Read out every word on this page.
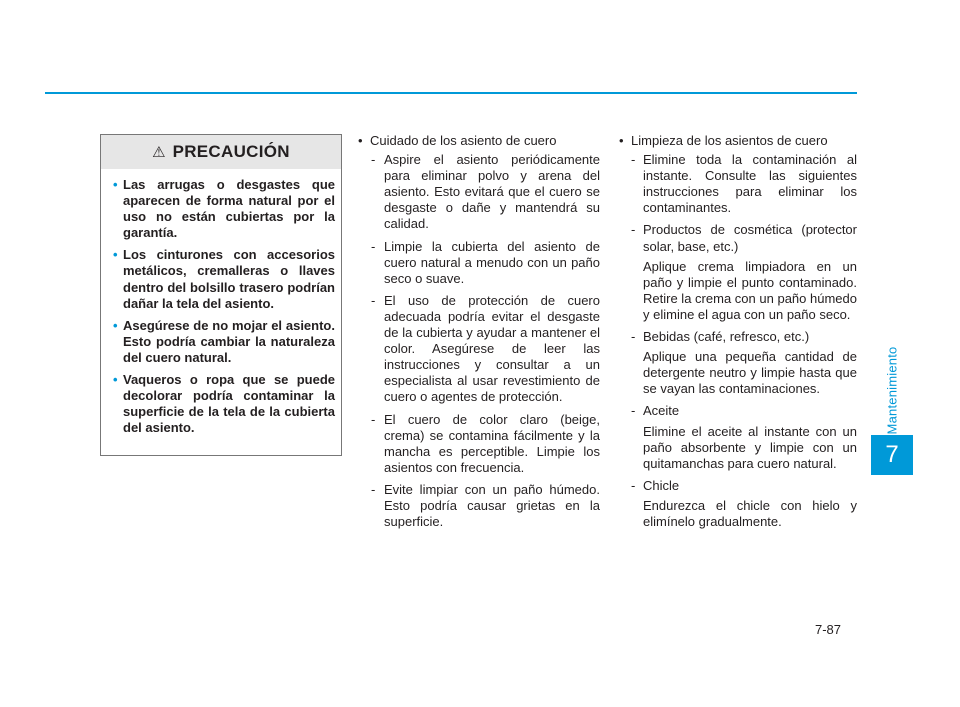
Mantenimiento
7
⚠ PRECAUCIÓN
• Las arrugas o desgastes que aparecen de forma natural por el uso no están cubiertas por la garantía.
• Los cinturones con accesorios metálicos, cremalleras o llaves dentro del bolsillo trasero podrían dañar la tela del asiento.
• Asegúrese de no mojar el asiento. Esto podría cambiar la naturaleza del cuero natural.
• Vaqueros o ropa que se puede decolorar podría contaminar la superficie de la tela de la cubierta del asiento.
• Cuidado de los asiento de cuero
- Aspire el asiento periódicamente para eliminar polvo y arena del asiento. Esto evitará que el cuero se desgaste o dañe y mantendrá su calidad.
- Limpie la cubierta del asiento de cuero natural a menudo con un paño seco o suave.
- El uso de protección de cuero adecuada podría evitar el desgaste de la cubierta y ayudar a mantener el color. Asegúrese de leer las instrucciones y consultar a un especialista al usar revestimiento de cuero o agentes de protección.
- El cuero de color claro (beige, crema) se contamina fácilmente y la mancha es perceptible. Limpie los asientos con frecuencia.
- Evite limpiar con un paño húmedo. Esto podría causar grietas en la superficie.
• Limpieza de los asientos de cuero
- Elimine toda la contaminación al instante. Consulte las siguientes instrucciones para eliminar los contaminantes.
- Productos de cosmética (protector solar, base, etc.)
Aplique crema limpiadora en un paño y limpie el punto contaminado. Retire la crema con un paño húmedo y elimine el agua con un paño seco.
- Bebidas (café, refresco, etc.)
Aplique una pequeña cantidad de detergente neutro y limpie hasta que se vayan las contaminaciones.
- Aceite
Elimine el aceite al instante con un paño absorbente y limpie con un quitamanchas para cuero natural.
- Chicle
Endurezca el chicle con hielo y elimínelo gradualmente.
7-87
